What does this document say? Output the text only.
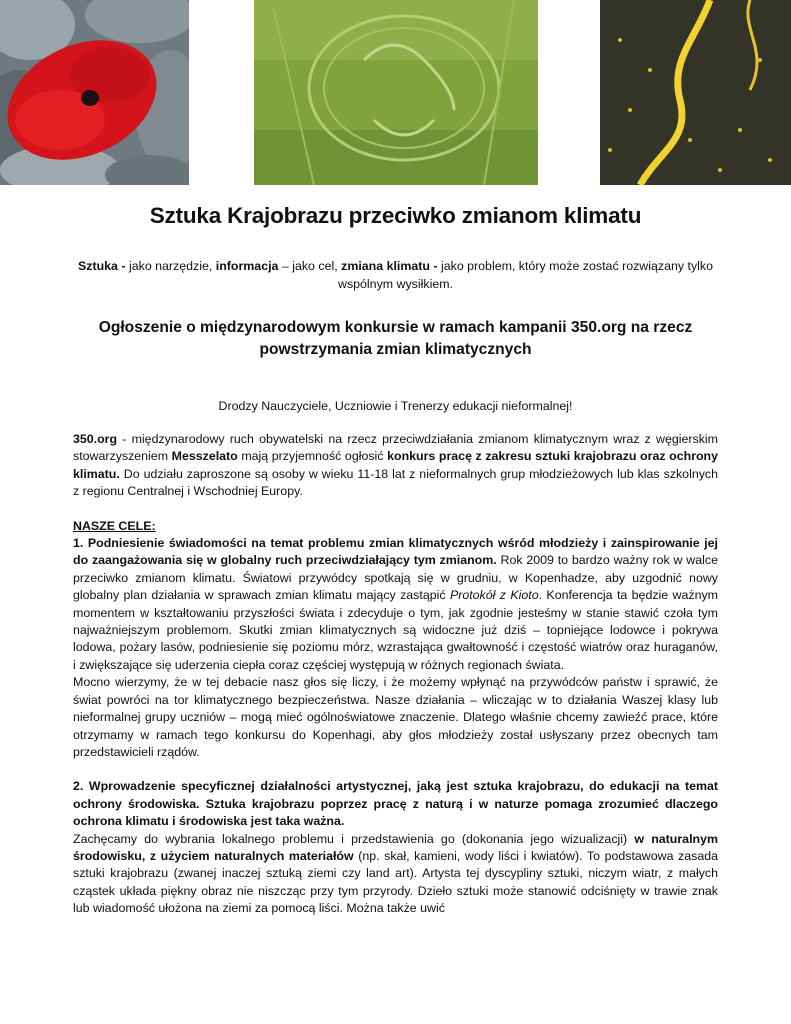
Sztuka Krajobrazu przeciwko zmianom klimatu
Sztuka - jako narzędzie, informacja – jako cel, zmiana klimatu - jako problem, który może zostać rozwiązany tylko wspólnym wysiłkiem.
Ogłoszenie o międzynarodowym konkursie w ramach kampanii 350.org na rzecz powstrzymania zmian klimatycznych
Drodzy Nauczyciele, Uczniowie i Trenerzy edukacji nieformalnej!

350.org - międzynarodowy ruch obywatelski na rzecz przeciwdziałania zmianom klimatycznym wraz z węgierskim stowarzyszeniem Messzelato mają przyjemność ogłosić konkurs pracę z zakresu sztuki krajobrazu oraz ochrony klimatu. Do udziału zaproszone są osoby w wieku 11-18 lat z nieformalnych grup młodzieżowych lub klas szkolnych z regionu Centralnej i Wschodniej Europy.

NASZE CELE:

1. Podniesienie świadomości na temat problemu zmian klimatycznych wśród młodzieży i zainspirowanie jej do zaangażowania się w globalny ruch przeciwdziałający tym zmianom. Rok 2009 to bardzo ważny rok w walce przeciwko zmianom klimatu. Światowi przywódcy spotkają się w grudniu, w Kopenhadze, aby uzgodnić nowy globalny plan działania w sprawach zmian klimatu mający zastąpić Protokół z Kioto. Konferencja ta będzie ważnym momentem w kształtowaniu przyszłości świata i zdecyduje o tym, jak zgodnie jesteśmy w stanie stawić czoła tym najważniejszym problemom. Skutki zmian klimatycznych są widoczne już dziś – topniejące lodowce i pokrywa lodowa, pożary lasów, podniesienie się poziomu mórz, wzrastająca gwałtowność i częstość wiatrów oraz huraganów, i zwiększające się uderzenia ciepła coraz częściej występują w różnych regionach świata.

Mocno wierzymy, że w tej debacie nasz głos się liczy, i że możemy wpłynąć na przywódców państw i sprawić, że świat powróci na tor klimatycznego bezpieczeństwa. Nasze działania – wliczając w to działania Waszej klasy lub nieformalnej grupy uczniów – mogą mieć ogólnoświatowe znaczenie. Dlatego właśnie chcemy zawieźć prace, które otrzymamy w ramach tego konkursu do Kopenhagi, aby głos młodzieży został usłyszany przez obecnych tam przedstawicieli rządów.

2. Wprowadzenie specyficznej działalności artystycznej, jaką jest sztuka krajobrazu, do edukacji na temat ochrony środowiska. Sztuka krajobrazu poprzez pracę z naturą i w naturze pomaga zrozumieć dlaczego ochrona klimatu i środowiska jest taka ważna.
Zachęcamy do wybrania lokalnego problemu i przedstawienia go (dokonania jego wizualizacji) w naturalnym środowisku, z użyciem naturalnych materiałów (np. skał, kamieni, wody liści i kwiatów). To podstawowa zasada sztuki krajobrazu (zwanej inaczej sztuką ziemi czy land art). Artysta tej dyscypliny sztuki, niczym wiatr, z małych cząstek układa piękny obraz nie niszcząc przy tym przyrody. Dzieło sztuki może stanowić odciśnięty w trawie znak lub wiadomość ułożona na ziemi za pomocą liści. Można także uwić
